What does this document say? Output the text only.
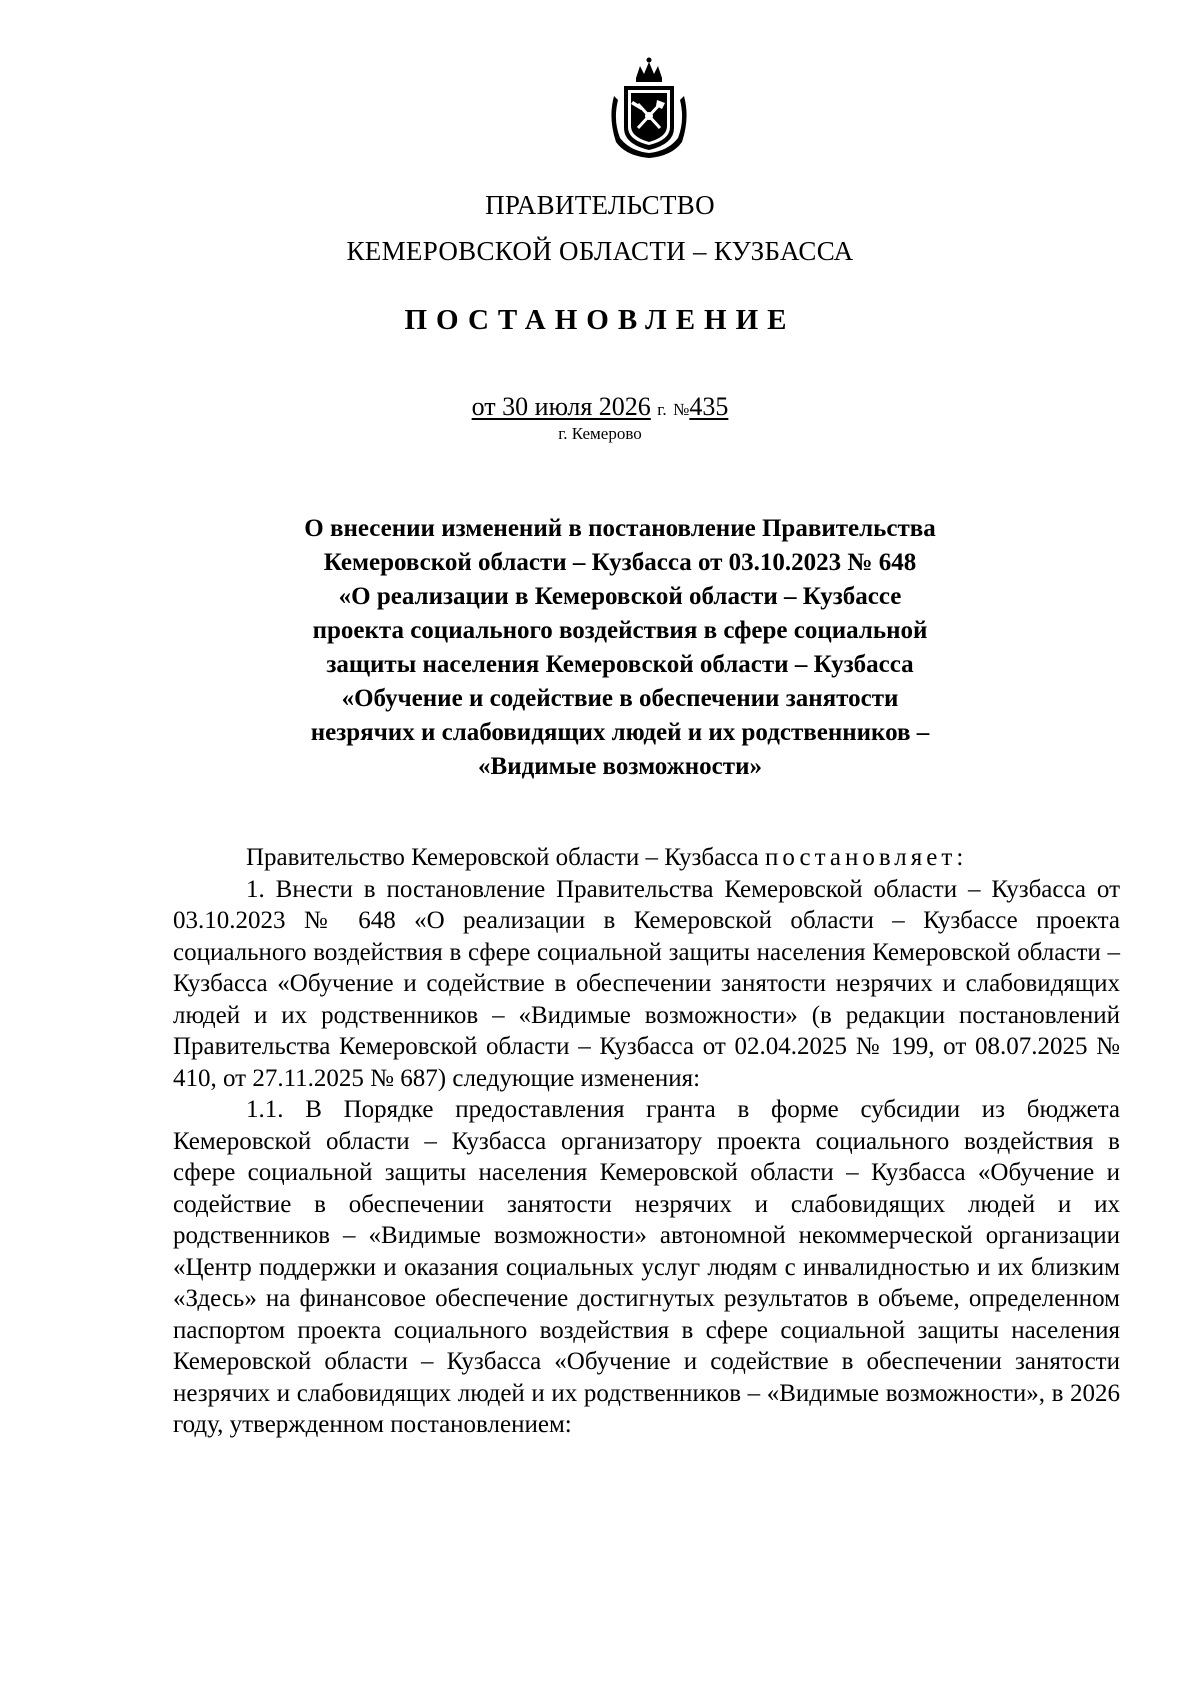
ПРАВИТЕЛЬСТВО
КЕМЕРОВСКОЙ ОБЛАСТИ – КУЗБАССА
ПОСТАНОВЛЕНИЕ
от 30 июля 2026 г. №435
г. Кемерово
О внесении изменений в постановление Правительства
Кемеровской области – Кузбасса от 03.10.2023 № 648
«О реализации в Кемеровской области – Кузбассе
проекта социального воздействия в сфере социальной
защиты населения Кемеровской области – Кузбасса
«Обучение и содействие в обеспечении занятости
незрячих и слабовидящих людей и их родственников –
«Видимые возможности»

Правительство Кемеровской области – Кузбасса постановляет:

1. Внести в постановление Правительства Кемеровской области – Кузбасса от 03.10.2023 № 648 «О реализации в Кемеровской области – Кузбассе проекта социального воздействия в сфере социальной защиты населения Кемеровской области – Кузбасса «Обучение и содействие в обеспечении занятости незрячих и слабовидящих людей и их родственников – «Видимые возможности» (в редакции постановлений Правительства Кемеровской области – Кузбасса от 02.04.2025 № 199, от 08.07.2025 № 410, от 27.11.2025 № 687) следующие изменения:

1.1. В Порядке предоставления гранта в форме субсидии из бюджета Кемеровской области – Кузбасса организатору проекта социального воздействия в сфере социальной защиты населения Кемеровской области – Кузбасса «Обучение и содействие в обеспечении занятости незрячих и слабовидящих людей и их родственников – «Видимые возможности» автономной некоммерческой организации «Центр поддержки и оказания социальных услуг людям с инвалидностью и их близким «Здесь» на финансовое обеспечение достигнутых результатов в объеме, определенном паспортом проекта социального воздействия в сфере социальной защиты населения Кемеровской области – Кузбасса «Обучение и содействие в обеспечении занятости незрячих и слабовидящих людей и их родственников – «Видимые возможности», в 2026 году, утвержденном постановлением:
